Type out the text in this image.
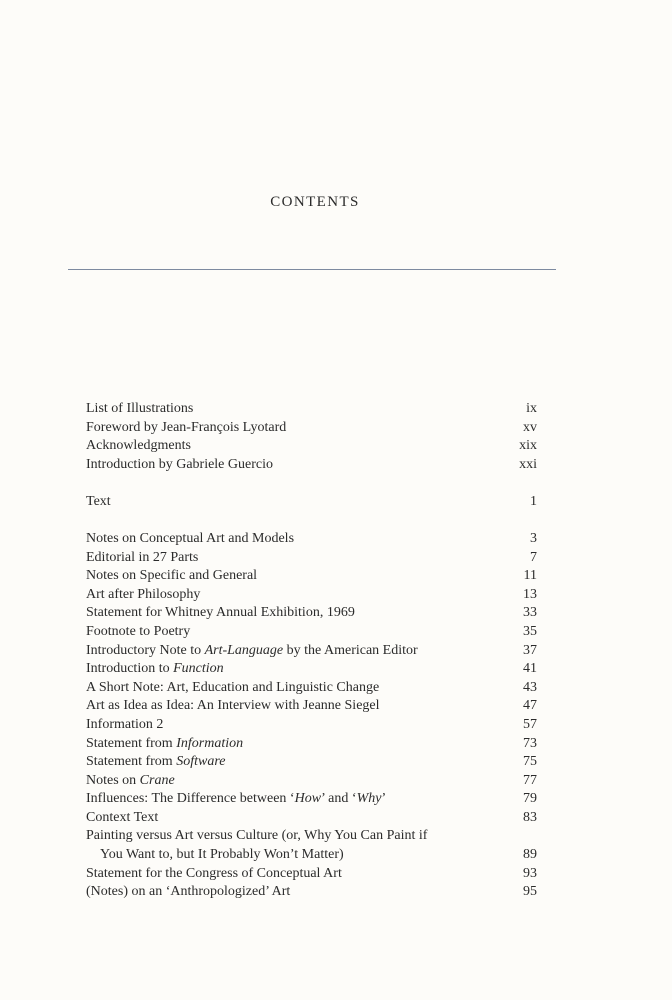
CONTENTS
List of Illustrations	ix
Foreword by Jean-François Lyotard	xv
Acknowledgments	xix
Introduction by Gabriele Guercio	xxi
Text	1
Notes on Conceptual Art and Models	3
Editorial in 27 Parts	7
Notes on Specific and General	11
Art after Philosophy	13
Statement for Whitney Annual Exhibition, 1969	33
Footnote to Poetry	35
Introductory Note to Art-Language by the American Editor	37
Introduction to Function	41
A Short Note: Art, Education and Linguistic Change	43
Art as Idea as Idea: An Interview with Jeanne Siegel	47
Information 2	57
Statement from Information	73
Statement from Software	75
Notes on Crane	77
Influences: The Difference between ‘How’ and ‘Why’	79
Context Text	83
Painting versus Art versus Culture (or, Why You Can Paint if
You Want to, but It Probably Won’t Matter)	89
Statement for the Congress of Conceptual Art	93
(Notes) on an ‘Anthropologized’ Art	95
